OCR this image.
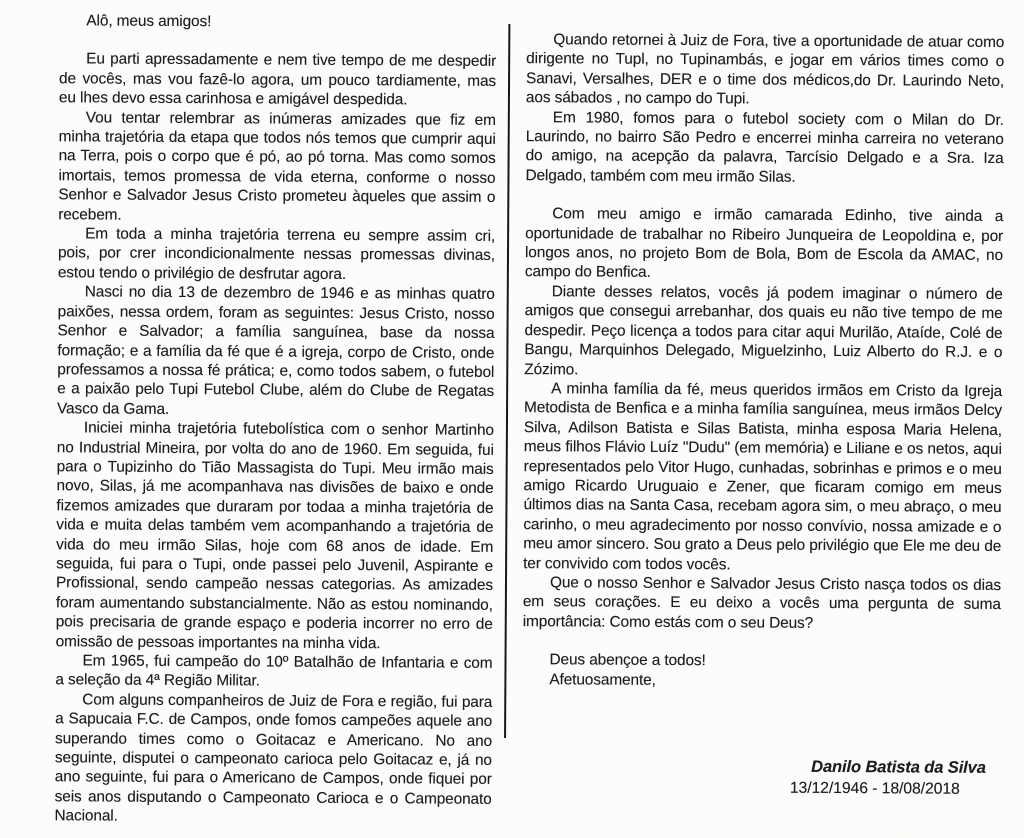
Alô, meus amigos!

Eu parti apressadamente e nem tive tempo de me despedir de vocês, mas vou fazê-lo agora, um pouco tardiamente, mas eu lhes devo essa carinhosa e amigável despedida.

Vou tentar relembrar as inúmeras amizades que fiz em minha trajetória da etapa que todos nós temos que cumprir aqui na Terra, pois o corpo que é pó, ao pó torna. Mas como somos imortais, temos promessa de vida eterna, conforme o nosso Senhor e Salvador Jesus Cristo prometeu àqueles que assim o recebem.

Em toda a minha trajetória terrena eu sempre assim cri, pois, por crer incondicionalmente nessas promessas divinas, estou tendo o privilégio de desfrutar agora.

Nasci no dia 13 de dezembro de 1946 e as minhas quatro paixões, nessa ordem, foram as seguintes: Jesus Cristo, nosso Senhor e Salvador; a família sanguínea, base da nossa formação; e a família da fé que é a igreja, corpo de Cristo, onde professamos a nossa fé prática; e, como todos sabem, o futebol e a paixão pelo Tupi Futebol Clube, além do Clube de Regatas Vasco da Gama.

Iniciei minha trajetória futebolística com o senhor Martinho no Industrial Mineira, por volta do ano de 1960. Em seguida, fui para o Tupizinho do Tião Massagista do Tupi. Meu irmão mais novo, Silas, já me acompanhava nas divisões de baixo e onde fizemos amizades que duraram por todaa a minha trajetória de vida e muita delas também vem acompanhando a trajetória de vida do meu irmão Silas, hoje com 68 anos de idade. Em seguida, fui para o Tupi, onde passei pelo Juvenil, Aspirante e Profissional, sendo campeão nessas categorias. As amizades foram aumentando substancialmente. Não as estou nominando, pois precisaria de grande espaço e poderia incorrer no erro de omissão de pessoas importantes na minha vida.

Em 1965, fui campeão do 10º Batalhão de Infantaria e com a seleção da 4ª Região Militar.

Com alguns companheiros de Juiz de Fora e região, fui para a Sapucaia F.C. de Campos, onde fomos campeões aquele ano superando times como o Goitacaz e Americano. No ano seguinte, disputei o campeonato carioca pelo Goitacaz e, já no ano seguinte, fui para o Americano de Campos, onde fiquei por seis anos disputando o Campeonato Carioca e o Campeonato Nacional.

Quando retornei à Juiz de Fora, tive a oportunidade de atuar como dirigente no Tupl, no Tupinambás, e jogar em vários times como o Sanavi, Versalhes, DER e o time dos médicos,do Dr. Laurindo Neto, aos sábados , no campo do Tupi.

Em 1980, fomos para o futebol society com o Milan do Dr. Laurindo, no bairro São Pedro e encerrei minha carreira no veterano do amigo, na acepção da palavra, Tarcísio Delgado e a Sra. Iza Delgado, também com meu irmão Silas.

Com meu amigo e irmão camarada Edinho, tive ainda a oportunidade de trabalhar no Ribeiro Junqueira de Leopoldina e, por longos anos, no projeto Bom de Bola, Bom de Escola da AMAC, no campo do Benfica.

Diante desses relatos, vocês já podem imaginar o número de amigos que consegui arrebanhar, dos quais eu não tive tempo de me despedir. Peço licença a todos para citar aqui Murilão, Ataíde, Colé de Bangu, Marquinhos Delegado, Miguelzinho, Luiz Alberto do R.J. e o Zózimo.

A minha família da fé, meus queridos irmãos em Cristo da Igreja Metodista de Benfica e a minha família sanguínea, meus irmãos Delcy Silva, Adilson Batista e Silas Batista, minha esposa Maria Helena, meus filhos Flávio Luíz "Dudu" (em memória) e Liliane e os netos, aqui representados pelo Vitor Hugo, cunhadas, sobrinhas e primos e o meu amigo Ricardo Uruguaio e Zener, que ficaram comigo em meus últimos dias na Santa Casa, recebam agora sim, o meu abraço, o meu carinho, o meu agradecimento por nosso convívio, nossa amizade e o meu amor sincero. Sou grato a Deus pelo privilégio que Ele me deu de ter convivido com todos vocês.

Que o nosso Senhor e Salvador Jesus Cristo nasça todos os dias em seus corações. E eu deixo a vocês uma pergunta de suma importância: Como estás com o seu Deus?

Deus abençoe a todos!

Afetuosamente,

Danilo Batista da Silva

13/12/1946 - 18/08/2018
